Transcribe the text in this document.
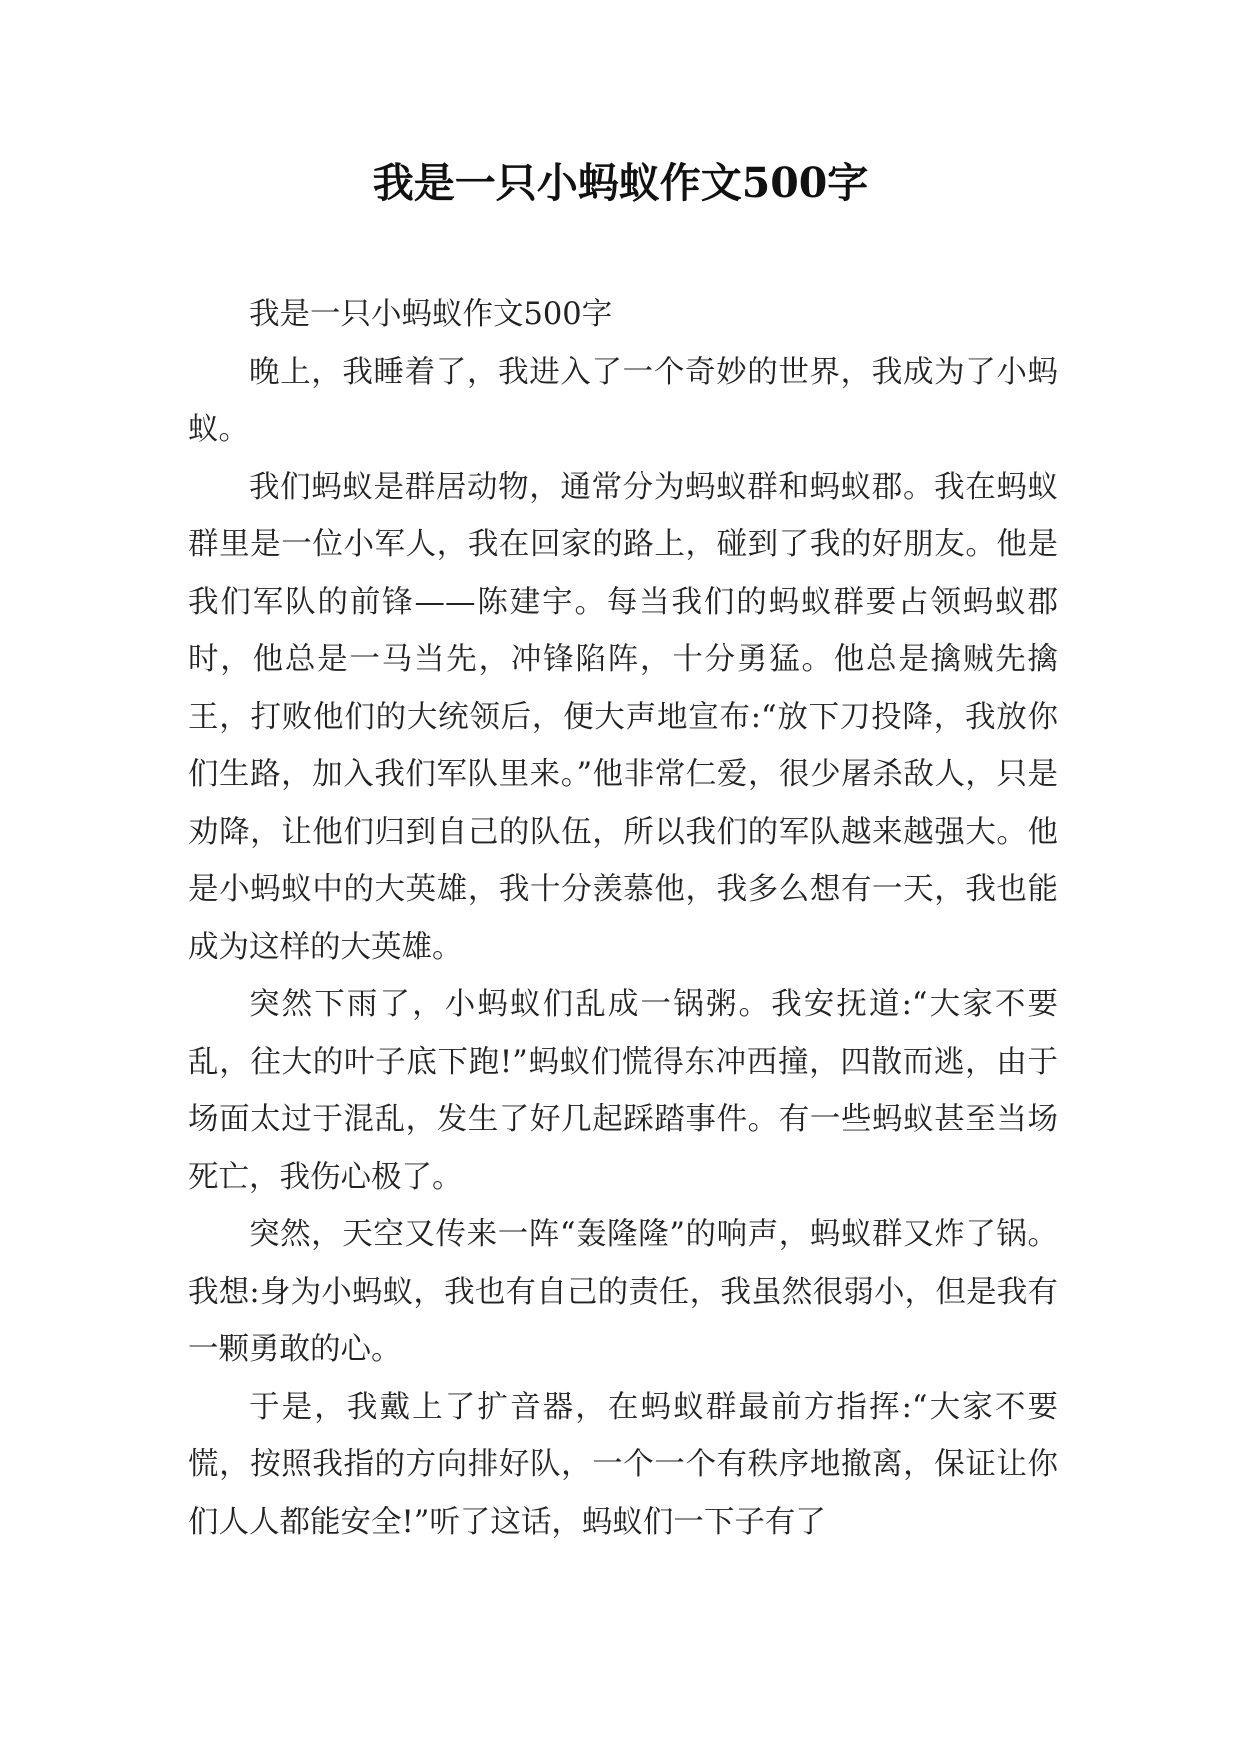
我是一只小蚂蚁作文500字

我是一只小蚂蚁作文500字

晚上，我睡着了，我进入了一个奇妙的世界，我成为了小蚂蚁。

我们蚂蚁是群居动物，通常分为蚂蚁群和蚂蚁郡。我在蚂蚁群里是一位小军人，我在回家的路上，碰到了我的好朋友。他是我们军队的前锋——陈建宇。每当我们的蚂蚁群要占领蚂蚁郡时，他总是一马当先，冲锋陷阵，十分勇猛。他总是擒贼先擒王，打败他们的大统领后，便大声地宣布:“放下刀投降，我放你们生路，加入我们军队里来。”他非常仁爱，很少屠杀敌人，只是劝降，让他们归到自己的队伍，所以我们的军队越来越强大。他是小蚂蚁中的大英雄，我十分羡慕他，我多么想有一天，我也能成为这样的大英雄。

突然下雨了，小蚂蚁们乱成一锅粥。我安抚道:“大家不要乱，往大的叶子底下跑!”蚂蚁们慌得东冲西撞，四散而逃，由于场面太过于混乱，发生了好几起踩踏事件。有一些蚂蚁甚至当场死亡，我伤心极了。

突然，天空又传来一阵“轰隆隆”的响声，蚂蚁群又炸了锅。我想:身为小蚂蚁，我也有自己的责任，我虽然很弱小，但是我有一颗勇敢的心。

于是，我戴上了扩音器，在蚂蚁群最前方指挥:“大家不要慌，按照我指的方向排好队，一个一个有秩序地撤离，保证让你们人人都能安全!”听了这话，蚂蚁们一下子有了
